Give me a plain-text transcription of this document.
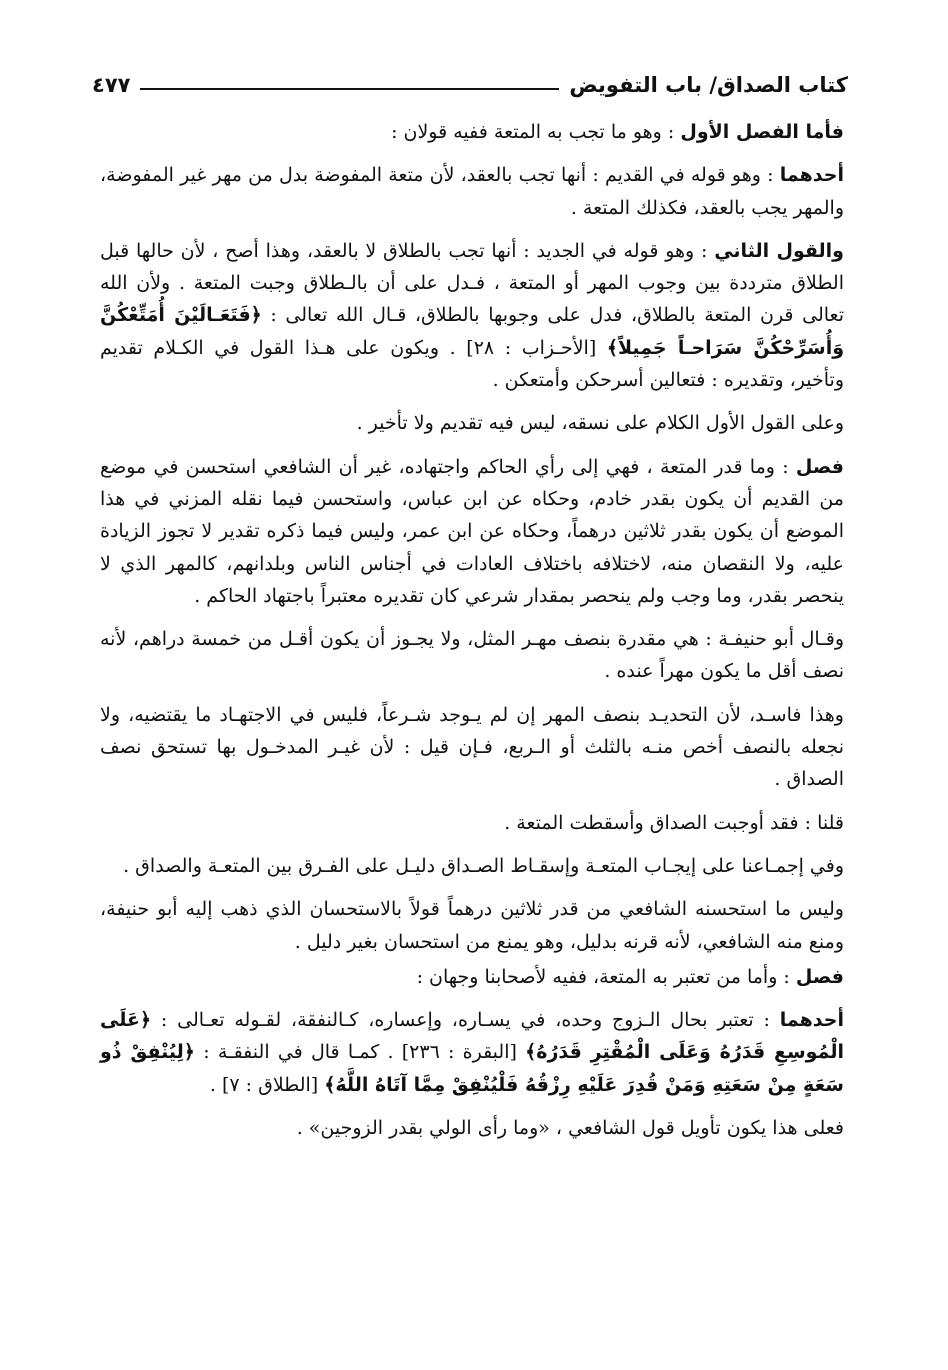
كتاب الصداق/ باب التفويض
٤٧٧

فأما الفصل الأول : وهو ما تجب به المتعة ففيه قولان :

أحدهما : وهو قوله في القديم : أنها تجب بالعقد، لأن متعة المفوضة بدل من مهر غير المفوضة، والمهر يجب بالعقد، فكذلك المتعة .

والقول الثاني : وهو قوله في الجديد : أنها تجب بالطلاق لا بالعقد، وهذا أصح ، لأن حالها قبل الطلاق مترددة بين وجوب المهر أو المتعة ، فـدل على أن بالـطلاق وجبت المتعة . ولأن الله تعالى قرن المتعة بالطلاق، فدل على وجوبها بالطلاق، قـال الله تعالى : ﴿فَتَعَـالَيْنَ أُمَتِّعْكُنَّ وَأُسَرِّحْكُنَّ سَرَاحـاً جَمِيلاً﴾ [الأحـزاب : ٢٨] . ويكون على هـذا القول في الكـلام تقديم وتأخير، وتقديره : فتعالين أسرحكن وأمتعكن .

وعلى القول الأول الكلام على نسقه، ليس فيه تقديم ولا تأخير .

فصل : وما قدر المتعة ، فهي إلى رأي الحاكم واجتهاده، غير أن الشافعي استحسن في موضع من القديم أن يكون بقدر خادم، وحكاه عن ابن عباس، واستحسن فيما نقله المزني في هذا الموضع أن يكون بقدر ثلاثين درهماً، وحكاه عن ابن عمر، وليس فيما ذكره تقدير لا تجوز الزيادة عليه، ولا النقصان منه، لاختلافه باختلاف العادات في أجناس الناس وبلدانهم، كالمهر الذي لا ينحصر بقدر، وما وجب ولم ينحصر بمقدار شرعي كان تقديره معتبراً باجتهاد الحاكم .

وقـال أبو حنيفـة : هي مقدرة بنصف مهـر المثل، ولا يجـوز أن يكون أقـل من خمسة دراهم، لأنه نصف أقل ما يكون مهراً عنده .

وهذا فاسـد، لأن التحديـد بنصف المهر إن لم يـوجد شـرعاً، فليس في الاجتهـاد ما يقتضيه، ولا نجعله بالنصف أخص منـه بالثلث أو الـربع، فـإن قيل : لأن غيـر المدخـول بها تستحق نصف الصداق .

قلنا : فقد أوجبت الصداق وأسقطت المتعة .

وفي إجمـاعنا على إيجـاب المتعـة وإسقـاط الصـداق دليـل على الفـرق بين المتعـة والصداق .

وليس ما استحسنه الشافعي من قدر ثلاثين درهماً قولاً بالاستحسان الذي ذهب إليه أبو حنيفة، ومنع منه الشافعي، لأنه قرنه بدليل، وهو يمنع من استحسان بغير دليل .

فصل : وأما من تعتبر به المتعة، ففيه لأصحابنا وجهان :

أحدهما : تعتبر بحال الـزوج وحده، في يسـاره، وإعساره، كـالنفقة، لقـوله تعـالى : ﴿عَلَى الْمُوسِعِ قَدَرُهُ وَعَلَى الْمُقْتِرِ قَدَرُهُ﴾ [البقرة : ٢٣٦] . كمـا قال في النفقـة : ﴿لِيُنْفِقْ ذُو سَعَةٍ مِنْ سَعَتِهِ وَمَنْ قُدِرَ عَلَيْهِ رِزْقُهُ فَلْيُنْفِقْ مِمَّا آتَاهُ اللَّهُ﴾ [الطلاق : ٧] .

فعلى هذا يكون تأويل قول الشافعي ، «وما رأى الولي بقدر الزوجين» .
